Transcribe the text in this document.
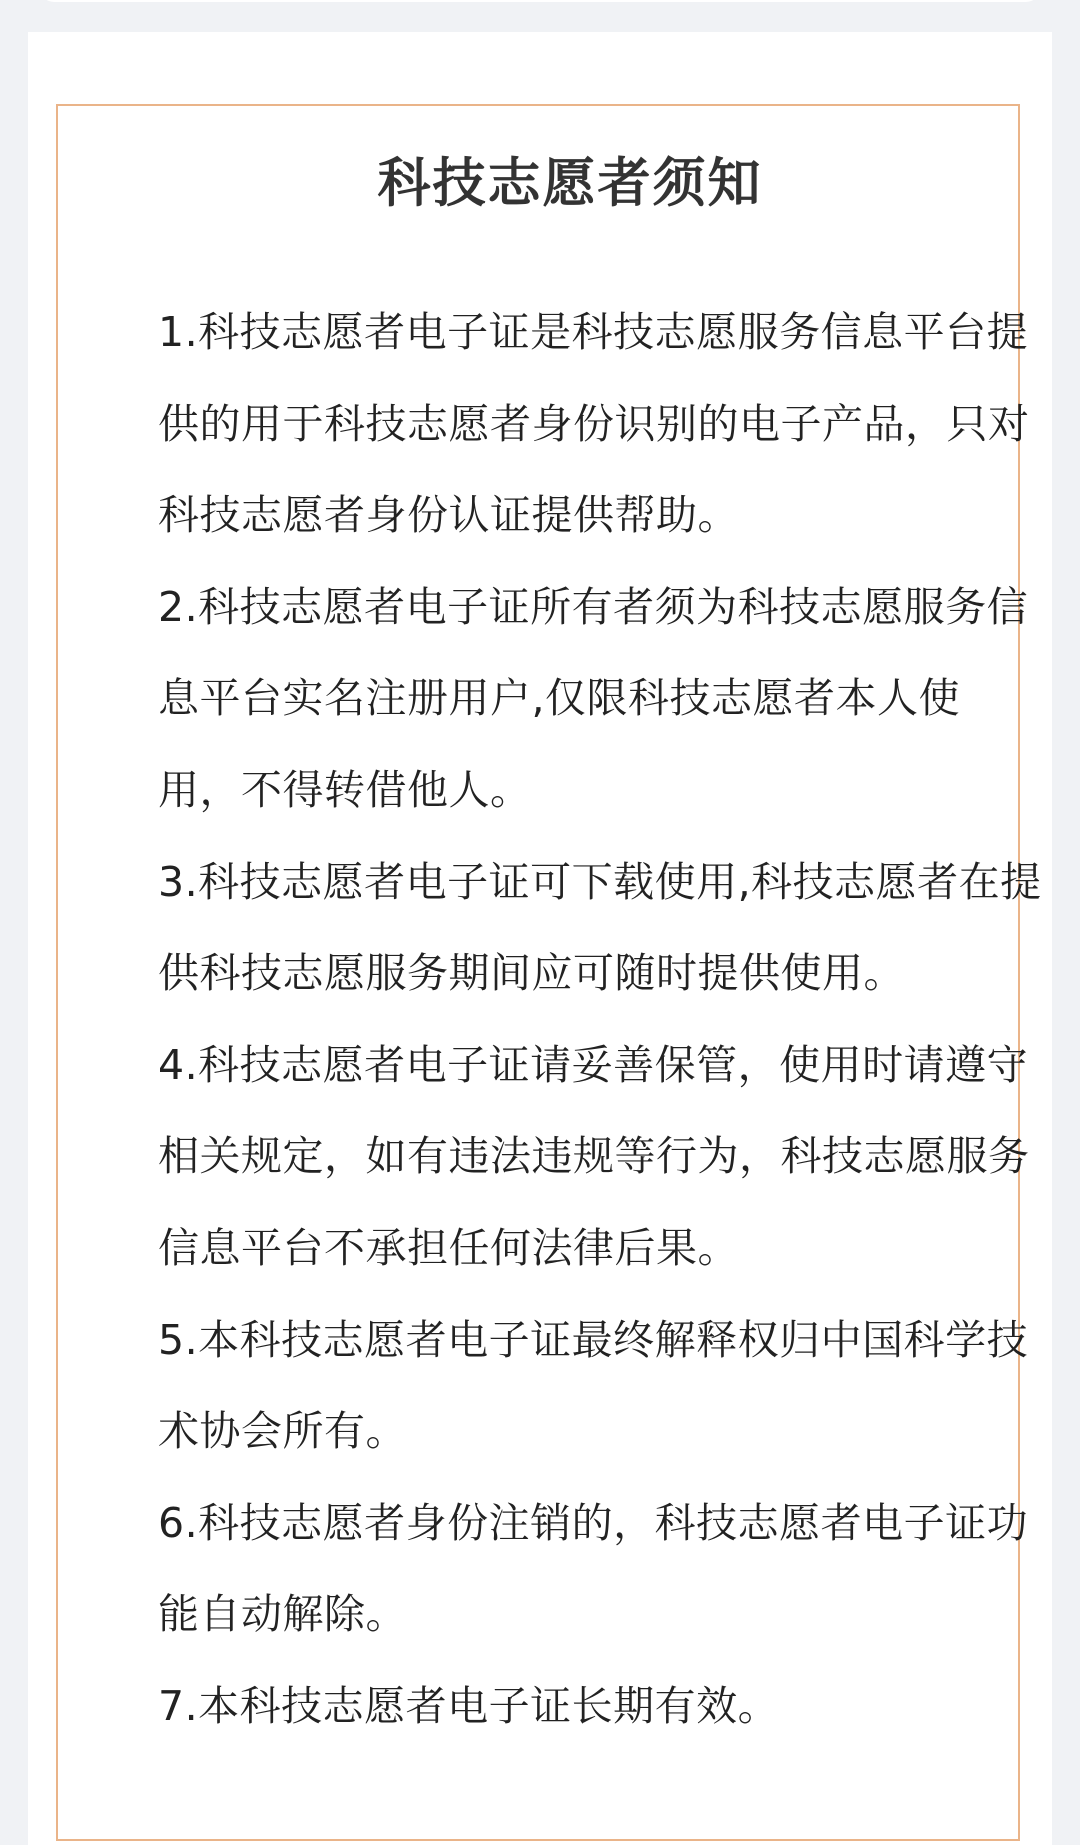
科技志愿者须知
1.科技志愿者电子证是科技志愿服务信息平台提供的用于科技志愿者身份识别的电子产品，只对科技志愿者身份认证提供帮助。
2.科技志愿者电子证所有者须为科技志愿服务信息平台实名注册用户,仅限科技志愿者本人使用，不得转借他人。
3.科技志愿者电子证可下载使用,科技志愿者在提供科技志愿服务期间应可随时提供使用。
4.科技志愿者电子证请妥善保管，使用时请遵守相关规定，如有违法违规等行为，科技志愿服务信息平台不承担任何法律后果。
5.本科技志愿者电子证最终解释权归中国科学技术协会所有。
6.科技志愿者身份注销的，科技志愿者电子证功能自动解除。
7.本科技志愿者电子证长期有效。
